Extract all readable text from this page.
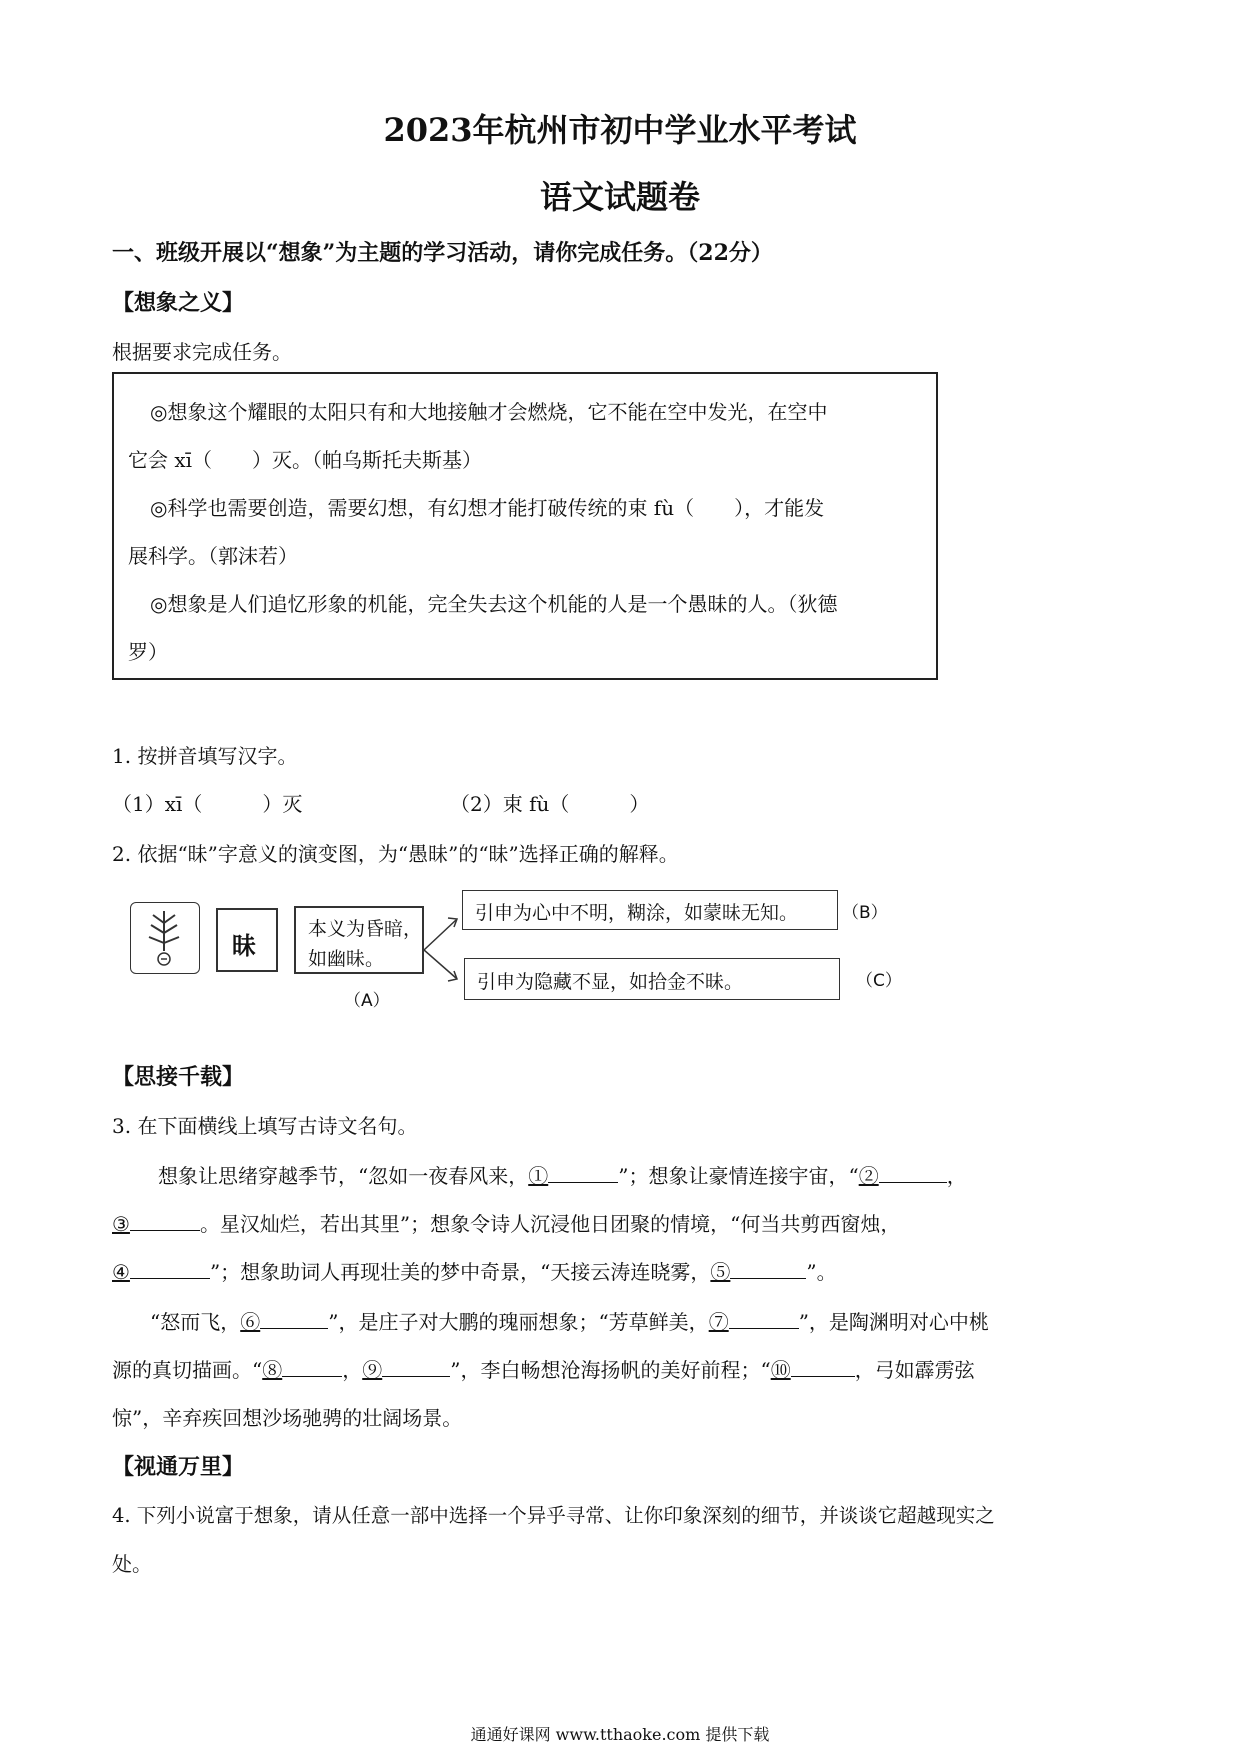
2023年杭州市初中学业水平考试
语文试题卷
一、班级开展以“想象”为主题的学习活动，请你完成任务。（22分）
【想象之义】
根据要求完成任务。
◎想象这个耀眼的太阳只有和大地接触才会燃烧，它不能在空中发光，在空中
它会 xī（　　）灭。（帕乌斯托夫斯基）
◎科学也需要创造，需要幻想，有幻想才能打破传统的束 fù（　　），才能发
展科学。（郭沫若）
◎想象是人们追忆形象的机能，完全失去这个机能的人是一个愚昧的人。（狄德
罗）
1. 按拼音填写汉字。
（1）xī（　　　）灭	（2）束 fù（　　　）
2. 依据“昧”字意义的演变图，为“愚昧”的“昧”选择正确的解释。
昧
本义为昏暗，
如幽昧。
（A）
引申为心中不明，糊涂，如蒙昧无知。	（B）
引申为隐藏不显，如拾金不昧。	（C）
【思接千载】
3. 在下面横线上填写古诗文名句。
想象让思绪穿越季节，“忽如一夜春风来，①	”；想象让豪情连接宇宙，“②	，
③	。星汉灿烂，若出其里”；想象令诗人沉浸他日团聚的情境，“何当共剪西窗烛，
④	”；想象助词人再现壮美的梦中奇景，“天接云涛连晓雾，⑤	”。
“怒而飞，⑥	”，是庄子对大鹏的瑰丽想象；“芳草鲜美，⑦	”，是陶渊明对心中桃
源的真切描画。“⑧	，⑨	”，李白畅想沧海扬帆的美好前程；“⑩	，弓如霹雳弦
惊”，辛弃疾回想沙场驰骋的壮阔场景。
【视通万里】
4. 下列小说富于想象，请从任意一部中选择一个异乎寻常、让你印象深刻的细节，并谈谈它超越现实之
处。
通通好课网 www.tthaoke.com 提供下载
